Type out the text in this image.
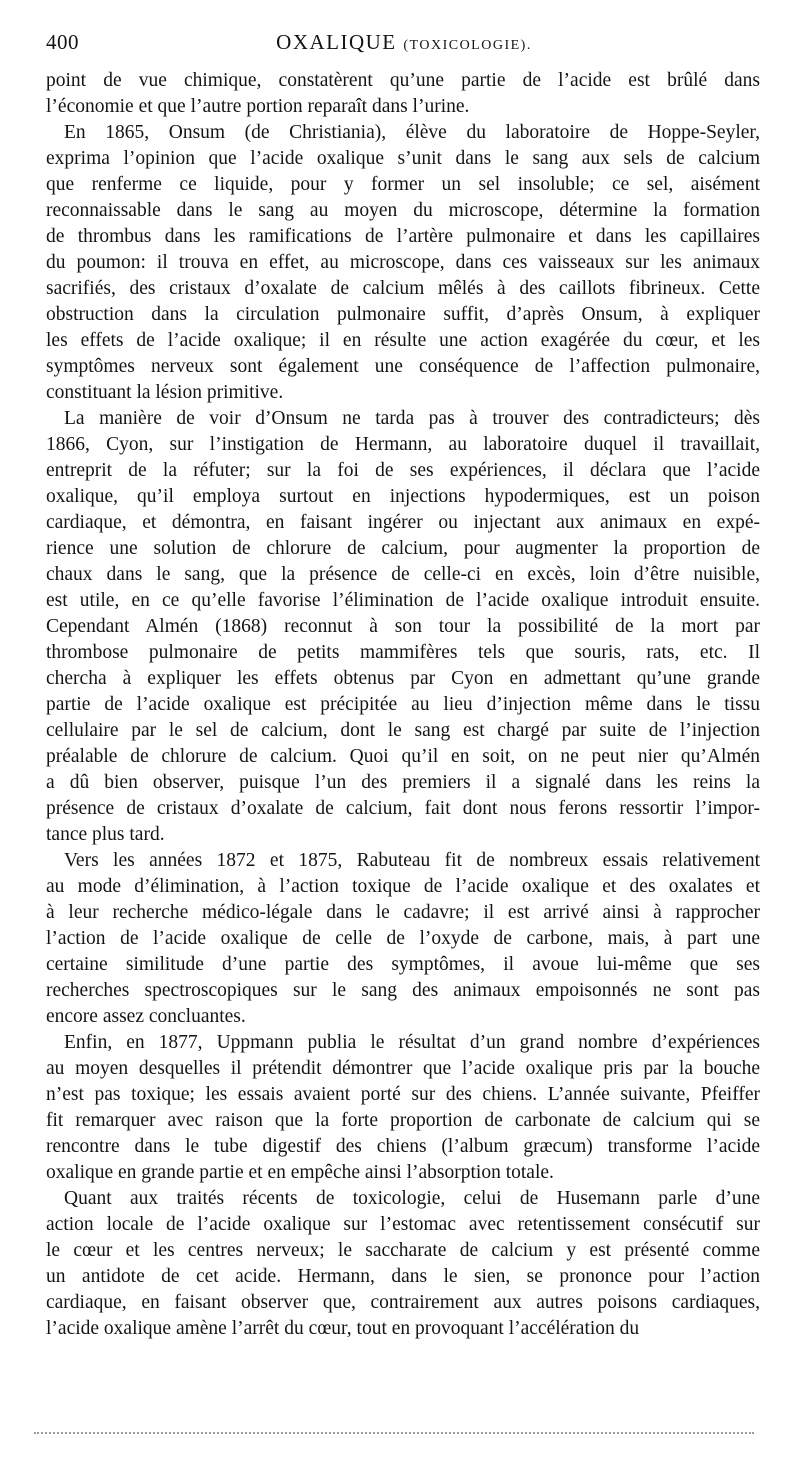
400	OXALIQUE (TOXICOLOGIE).
point de vue chimique, constatèrent qu’une partie de l’acide est brûlé dans
l’économie et que l’autre portion reparaît dans l’urine.
En 1865, Onsum (de Christiania), élève du laboratoire de Hoppe-Seyler,
exprima l’opinion que l’acide oxalique s’unit dans le sang aux sels de calcium
que renferme ce liquide, pour y former un sel insoluble; ce sel, aisément
reconnaissable dans le sang au moyen du microscope, détermine la formation
de thrombus dans les ramifications de l’artère pulmonaire et dans les capillaires
du poumon: il trouva en effet, au microscope, dans ces vaisseaux sur les animaux
sacrifiés, des cristaux d’oxalate de calcium mêlés à des caillots fibrineux. Cette
obstruction dans la circulation pulmonaire suffit, d’après Onsum, à expliquer
les effets de l’acide oxalique; il en résulte une action exagérée du cœur, et les
symptômes nerveux sont également une conséquence de l’affection pulmonaire,
constituant la lésion primitive.
La manière de voir d’Onsum ne tarda pas à trouver des contradicteurs; dès
1866, Cyon, sur l’instigation de Hermann, au laboratoire duquel il travaillait,
entreprit de la réfuter; sur la foi de ses expériences, il déclara que l’acide
oxalique, qu’il employa surtout en injections hypodermiques, est un poison
cardiaque, et démontra, en faisant ingérer ou injectant aux animaux en expé-
rience une solution de chlorure de calcium, pour augmenter la proportion de
chaux dans le sang, que la présence de celle-ci en excès, loin d’être nuisible,
est utile, en ce qu’elle favorise l’élimination de l’acide oxalique introduit ensuite.
Cependant Almén (1868) reconnut à son tour la possibilité de la mort par
thrombose pulmonaire de petits mammifères tels que souris, rats, etc. Il
chercha à expliquer les effets obtenus par Cyon en admettant qu’une grande
partie de l’acide oxalique est précipitée au lieu d’injection même dans le tissu
cellulaire par le sel de calcium, dont le sang est chargé par suite de l’injection
préalable de chlorure de calcium. Quoi qu’il en soit, on ne peut nier qu’Almén
a dû bien observer, puisque l’un des premiers il a signalé dans les reins la
présence de cristaux d’oxalate de calcium, fait dont nous ferons ressortir l’impor-
tance plus tard.
Vers les années 1872 et 1875, Rabuteau fit de nombreux essais relativement
au mode d’élimination, à l’action toxique de l’acide oxalique et des oxalates et
à leur recherche médico-légale dans le cadavre; il est arrivé ainsi à rapprocher
l’action de l’acide oxalique de celle de l’oxyde de carbone, mais, à part une
certaine similitude d’une partie des symptômes, il avoue lui-même que ses
recherches spectroscopiques sur le sang des animaux empoisonnés ne sont pas
encore assez concluantes.
Enfin, en 1877, Uppmann publia le résultat d’un grand nombre d’expériences
au moyen desquelles il prétendit démontrer que l’acide oxalique pris par la bouche
n’est pas toxique; les essais avaient porté sur des chiens. L’année suivante, Pfeiffer
fit remarquer avec raison que la forte proportion de carbonate de calcium qui se
rencontre dans le tube digestif des chiens (l’album græcum) transforme l’acide
oxalique en grande partie et en empêche ainsi l’absorption totale.
Quant aux traités récents de toxicologie, celui de Husemann parle d’une
action locale de l’acide oxalique sur l’estomac avec retentissement consécutif sur
le cœur et les centres nerveux; le saccharate de calcium y est présenté comme
un antidote de cet acide. Hermann, dans le sien, se prononce pour l’action
cardiaque, en faisant observer que, contrairement aux autres poisons cardiaques,
l’acide oxalique amène l’arrêt du cœur, tout en provoquant l’accélération du
